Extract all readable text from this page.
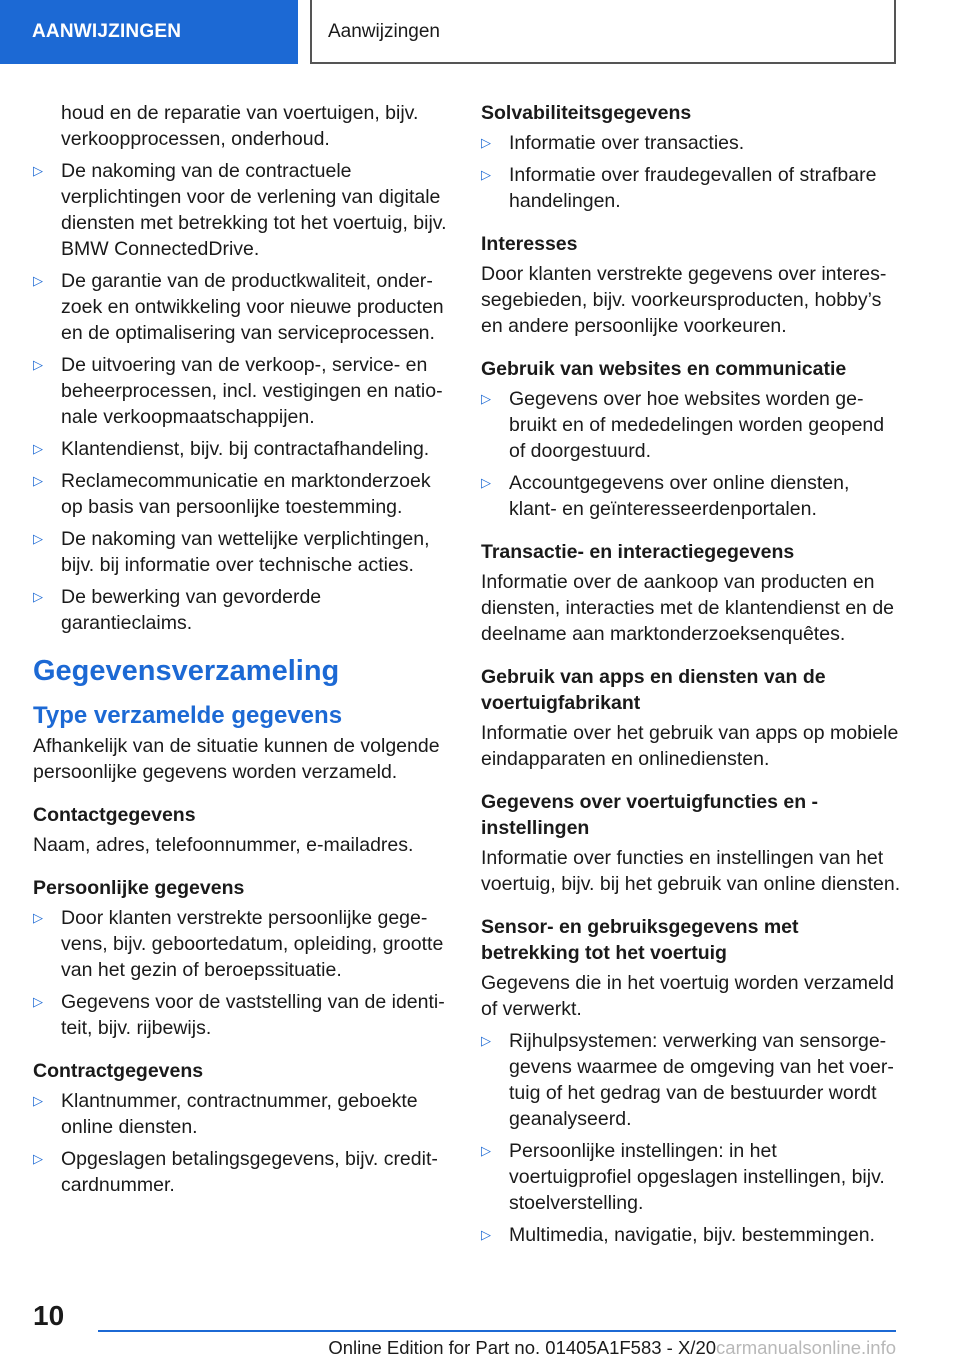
AANWIJZINGEN	Aanwijzingen

houd en de reparatie van voertuigen, bijv. verkoopprocessen, onderhoud.

▷ De nakoming van de contractuele verplichtingen voor de verlening van digitale diensten met betrekking tot het voertuig, bijv. BMW ConnectedDrive.
▷ De garantie van de productkwaliteit, onderzoek en ontwikkeling voor nieuwe producten en de optimalisering van serviceprocessen.
▷ De uitvoering van de verkoop-, service- en beheerprocessen, incl. vestigingen en nationale verkoopmaatschappijen.
▷ Klantendienst, bijv. bij contractafhandeling.
▷ Reclamecommunicatie en marktonderzoek op basis van persoonlijke toestemming.
▷ De nakoming van wettelijke verplichtingen, bijv. bij informatie over technische acties.
▷ De bewerking van gevorderde garantieclaims.
Gegevensverzameling
Type verzamelde gegevens

Afhankelijk van de situatie kunnen de volgende persoonlijke gegevens worden verzameld.

Contactgegevens

Naam, adres, telefoonnummer, e-mailadres.

Persoonlijke gegevens
▷ Door klanten verstrekte persoonlijke gegevens, bijv. geboortedatum, opleiding, grootte van het gezin of beroepssituatie.
▷ Gegevens voor de vaststelling van de identiteit, bijv. rijbewijs.
Contractgegevens
▷ Klantnummer, contractnummer, geboekte online diensten.
▷ Opgeslagen betalingsgegevens, bijv. creditcardnummer.
Solvabiliteitsgegevens
▷ Informatie over transacties.
▷ Informatie over fraudegevallen of strafbare handelingen.
Interesses

Door klanten verstrekte gegevens over interessegebieden, bijv. voorkeursproducten, hobby’s en andere persoonlijke voorkeuren.

Gebruik van websites en communicatie
▷ Gegevens over hoe websites worden gebruikt en of mededelingen worden geopend of doorgestuurd.
▷ Accountgegevens over online diensten, klant- en geïnteresseerdenportalen.
Transactie- en interactiegegevens

Informatie over de aankoop van producten en diensten, interacties met de klantendienst en de deelname aan marktonderzoeksenquêtes.

Gebruik van apps en diensten van de voertuigfabrikant

Informatie over het gebruik van apps op mobiele eindapparaten en onlinediensten.

Gegevens over voertuigfuncties en -instellingen

Informatie over functies en instellingen van het voertuig, bijv. bij het gebruik van online diensten.

Sensor- en gebruiksgegevens met betrekking tot het voertuig

Gegevens die in het voertuig worden verzameld of verwerkt.

▷ Rijhulpsystemen: verwerking van sensorgegevens waarmee de omgeving van het voertuig of het gedrag van de bestuurder wordt geanalyseerd.
▷ Persoonlijke instellingen: in het voertuigprofiel opgeslagen instellingen, bijv. stoelverstelling.
▷ Multimedia, navigatie, bijv. bestemmingen.
10
Online Edition for Part no. 01405A1F583 - X/20carmanualsonline.info
